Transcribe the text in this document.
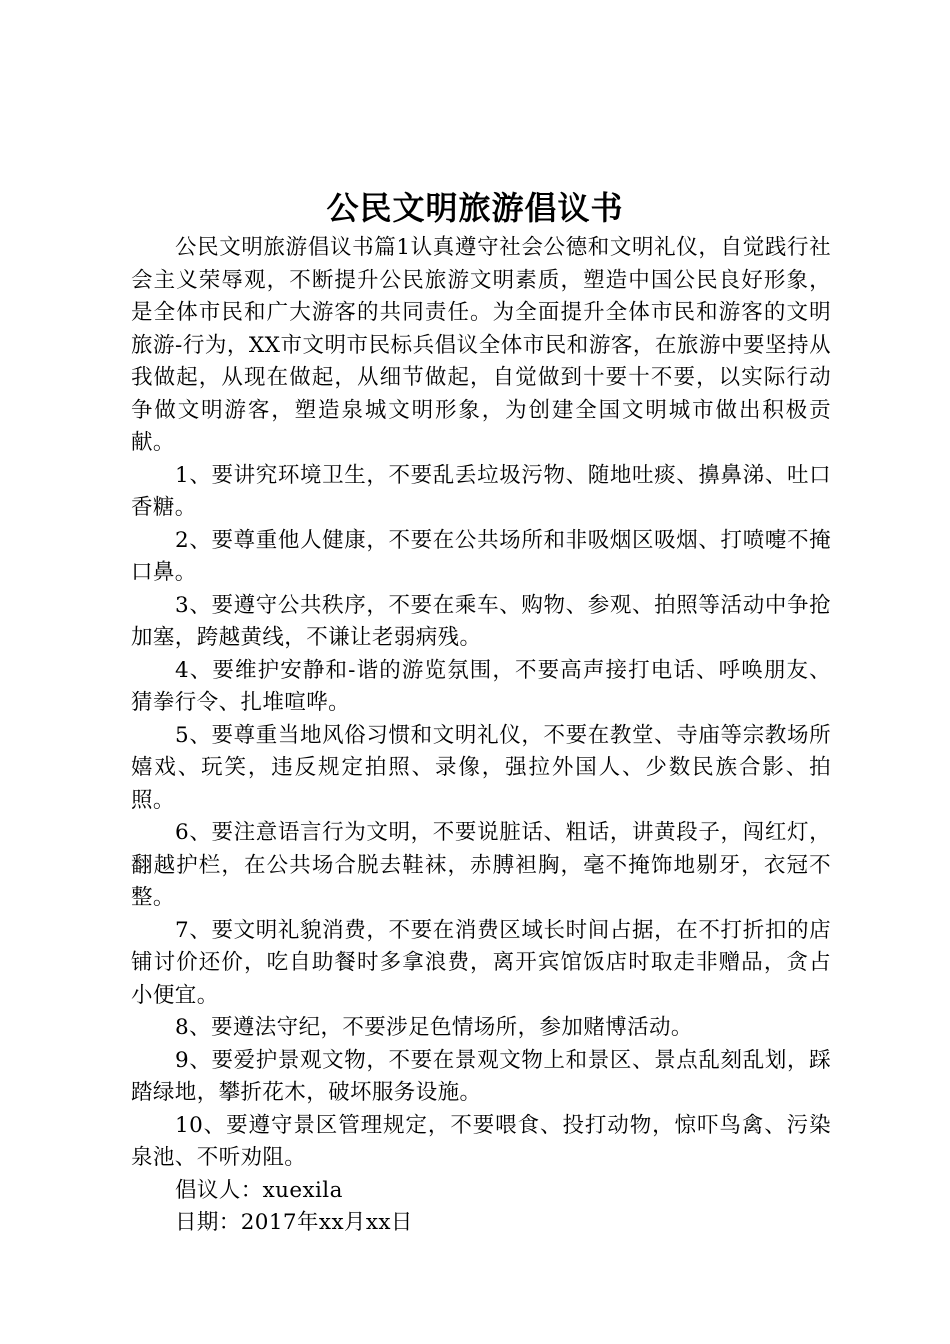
公民文明旅游倡议书

公民文明旅游倡议书篇1认真遵守社会公德和文明礼仪，自觉践行社会主义荣辱观，不断提升公民旅游文明素质，塑造中国公民良好形象，是全体市民和广大游客的共同责任。为全面提升全体市民和游客的文明旅游-行为，XX市文明市民标兵倡议全体市民和游客，在旅游中要坚持从我做起，从现在做起，从细节做起，自觉做到十要十不要，以实际行动争做文明游客，塑造泉城文明形象，为创建全国文明城市做出积极贡献。

1、要讲究环境卫生，不要乱丢垃圾污物、随地吐痰、擤鼻涕、吐口香糖。

2、要尊重他人健康，不要在公共场所和非吸烟区吸烟、打喷嚏不掩口鼻。

3、要遵守公共秩序，不要在乘车、购物、参观、拍照等活动中争抢加塞，跨越黄线，不谦让老弱病残。

4、要维护安静和-谐的游览氛围，不要高声接打电话、呼唤朋友、猜拳行令、扎堆喧哗。

5、要尊重当地风俗习惯和文明礼仪，不要在教堂、寺庙等宗教场所嬉戏、玩笑，违反规定拍照、录像，强拉外国人、少数民族合影、拍照。

6、要注意语言行为文明，不要说脏话、粗话，讲黄段子，闯红灯，翻越护栏，在公共场合脱去鞋袜，赤膊袒胸，毫不掩饰地剔牙，衣冠不整。

7、要文明礼貌消费，不要在消费区域长时间占据，在不打折扣的店铺讨价还价，吃自助餐时多拿浪费，离开宾馆饭店时取走非赠品，贪占小便宜。

8、要遵法守纪，不要涉足色情场所，参加赌博活动。

9、要爱护景观文物，不要在景观文物上和景区、景点乱刻乱划，踩踏绿地，攀折花木，破坏服务设施。

10、要遵守景区管理规定，不要喂食、投打动物，惊吓鸟禽、污染泉池、不听劝阻。

倡议人：xuexila

日期：2017年xx月xx日
